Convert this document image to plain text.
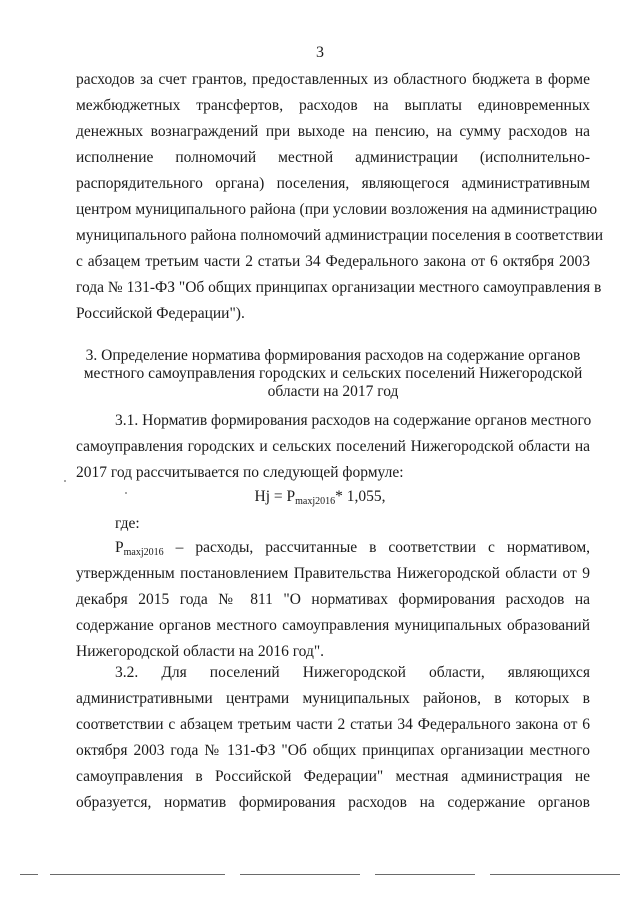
3
расходов за счет грантов, предоставленных из областного бюджета в форме
межбюджетных трансфертов, расходов на выплаты единовременных
денежных вознаграждений при выходе на пенсию, на сумму расходов на
исполнение полномочий местной администрации (исполнительно-
распорядительного органа) поселения, являющегося административным
центром муниципального района (при условии возложения на администрацию
муниципального района полномочий администрации поселения в соответствии
с абзацем третьим части 2 статьи 34 Федерального закона от 6 октября 2003
года № 131-ФЗ "Об общих принципах организации местного самоуправления в
Российской Федерации").
3. Определение норматива формирования расходов на содержание органов
местного самоуправления городских и сельских поселений Нижегородской
области на 2017 год
3.1. Норматив формирования расходов на содержание органов местного
самоуправления городских и сельских поселений Нижегородской области на
2017 год рассчитывается по следующей формуле:
Нj = $Р_{maxj2016}*$ 1,055,
где:
Рmaxj2016 – расходы, рассчитанные в соответствии с нормативом,
утвержденным постановлением Правительства Нижегородской области от 9
декабря 2015 года № 811 "О нормативах формирования расходов на
содержание органов местного самоуправления муниципальных образований
Нижегородской области на 2016 год".
3.2. Для поселений Нижегородской области, являющихся
административными центрами муниципальных районов, в которых в
соответствии с абзацем третьим части 2 статьи 34 Федерального закона от 6
октября 2003 года № 131-ФЗ "Об общих принципах организации местного
самоуправления в Российской Федерации" местная администрация не
образуется, норматив формирования расходов на содержание органов
